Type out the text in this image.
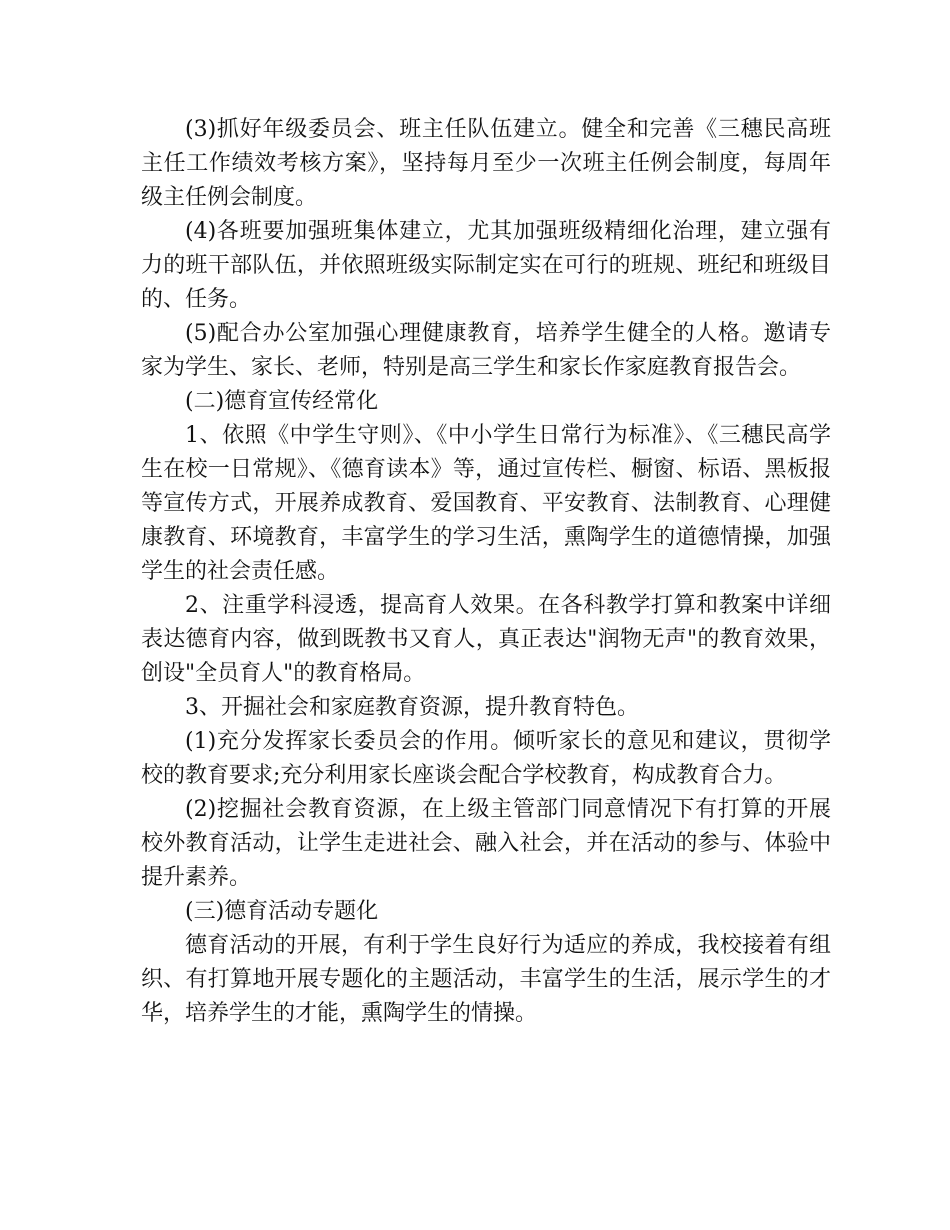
(3)抓好年级委员会、班主任队伍建立。健全和完善《三穗民高班主任工作绩效考核方案》，坚持每月至少一次班主任例会制度，每周年级主任例会制度。

(4)各班要加强班集体建立，尤其加强班级精细化治理，建立强有力的班干部队伍，并依照班级实际制定实在可行的班规、班纪和班级目的、任务。

(5)配合办公室加强心理健康教育，培养学生健全的人格。邀请专家为学生、家长、老师，特别是高三学生和家长作家庭教育报告会。

(二)德育宣传经常化

1、依照《中学生守则》、《中小学生日常行为标准》、《三穗民高学生在校一日常规》、《德育读本》等，通过宣传栏、橱窗、标语、黑板报等宣传方式，开展养成教育、爱国教育、平安教育、法制教育、心理健康教育、环境教育，丰富学生的学习生活，熏陶学生的道德情操，加强学生的社会责任感。

2、注重学科浸透，提高育人效果。在各科教学打算和教案中详细表达德育内容，做到既教书又育人，真正表达"润物无声"的教育效果，创设"全员育人"的教育格局。

3、开掘社会和家庭教育资源，提升教育特色。

(1)充分发挥家长委员会的作用。倾听家长的意见和建议，贯彻学校的教育要求;充分利用家长座谈会配合学校教育，构成教育合力。

(2)挖掘社会教育资源，在上级主管部门同意情况下有打算的开展校外教育活动，让学生走进社会、融入社会，并在活动的参与、体验中提升素养。

(三)德育活动专题化

德育活动的开展，有利于学生良好行为适应的养成，我校接着有组织、有打算地开展专题化的主题活动，丰富学生的生活，展示学生的才华，培养学生的才能，熏陶学生的情操。
